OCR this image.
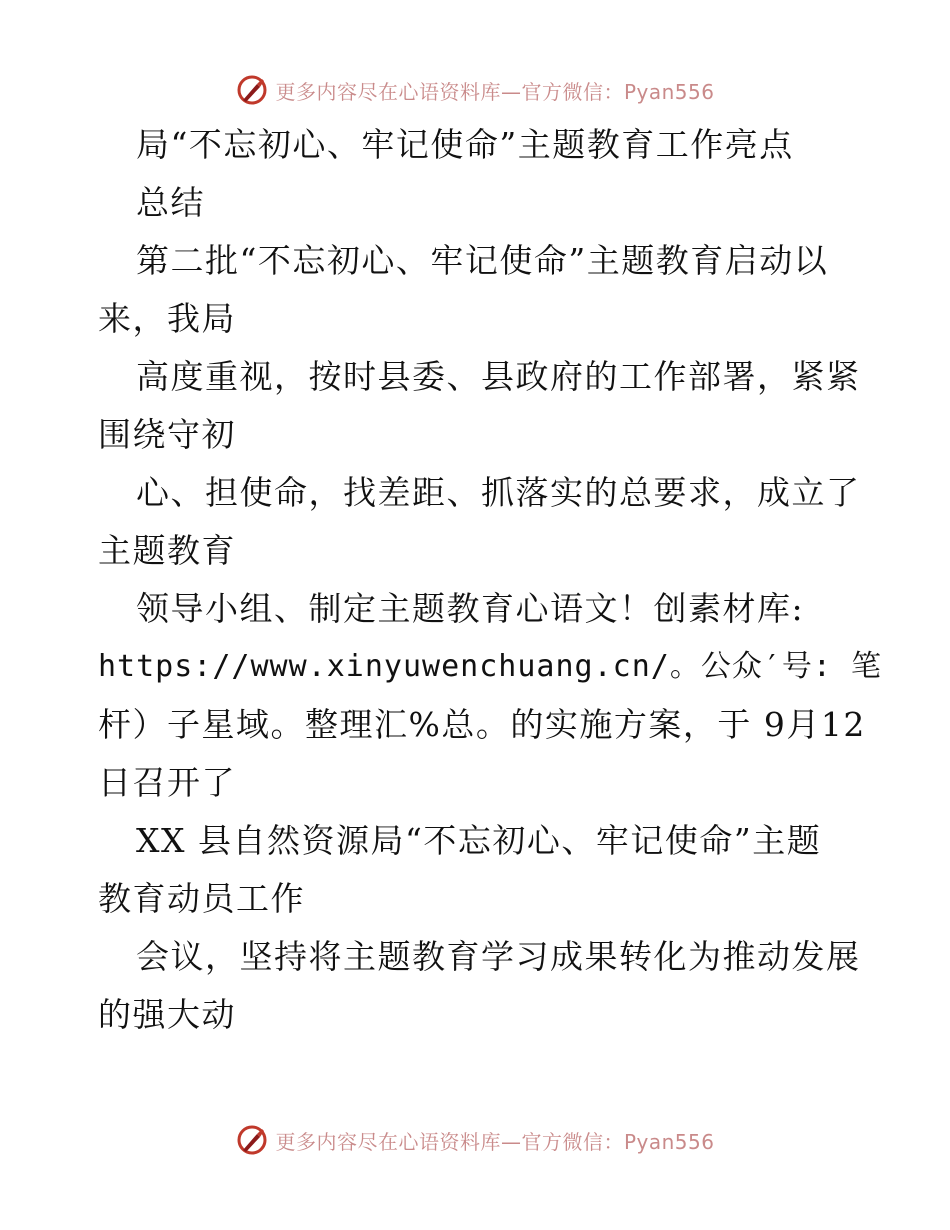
更多内容尽在心语资料库—官方微信：Pyan556
局“不忘初心、牢记使命”主题教育工作亮点
总结
第二批“不忘初心、牢记使命”主题教育启动以
来，我局
高度重视，按时县委、县政府的工作部署，紧紧
围绕守初
心、担使命，找差距、抓落实的总要求，成立了
主题教育
领导小组、制定主题教育心语文！创素材库:
https://www.xinyuwenchuang.cn/。公众′号: 笔
杆）子星域。整理汇%总。的实施方案，于 9月12
日召开了
XX 县自然资源局“不忘初心、牢记使命”主题
教育动员工作
会议，坚持将主题教育学习成果转化为推动发展
的强大动
更多内容尽在心语资料库—官方微信：Pyan556
